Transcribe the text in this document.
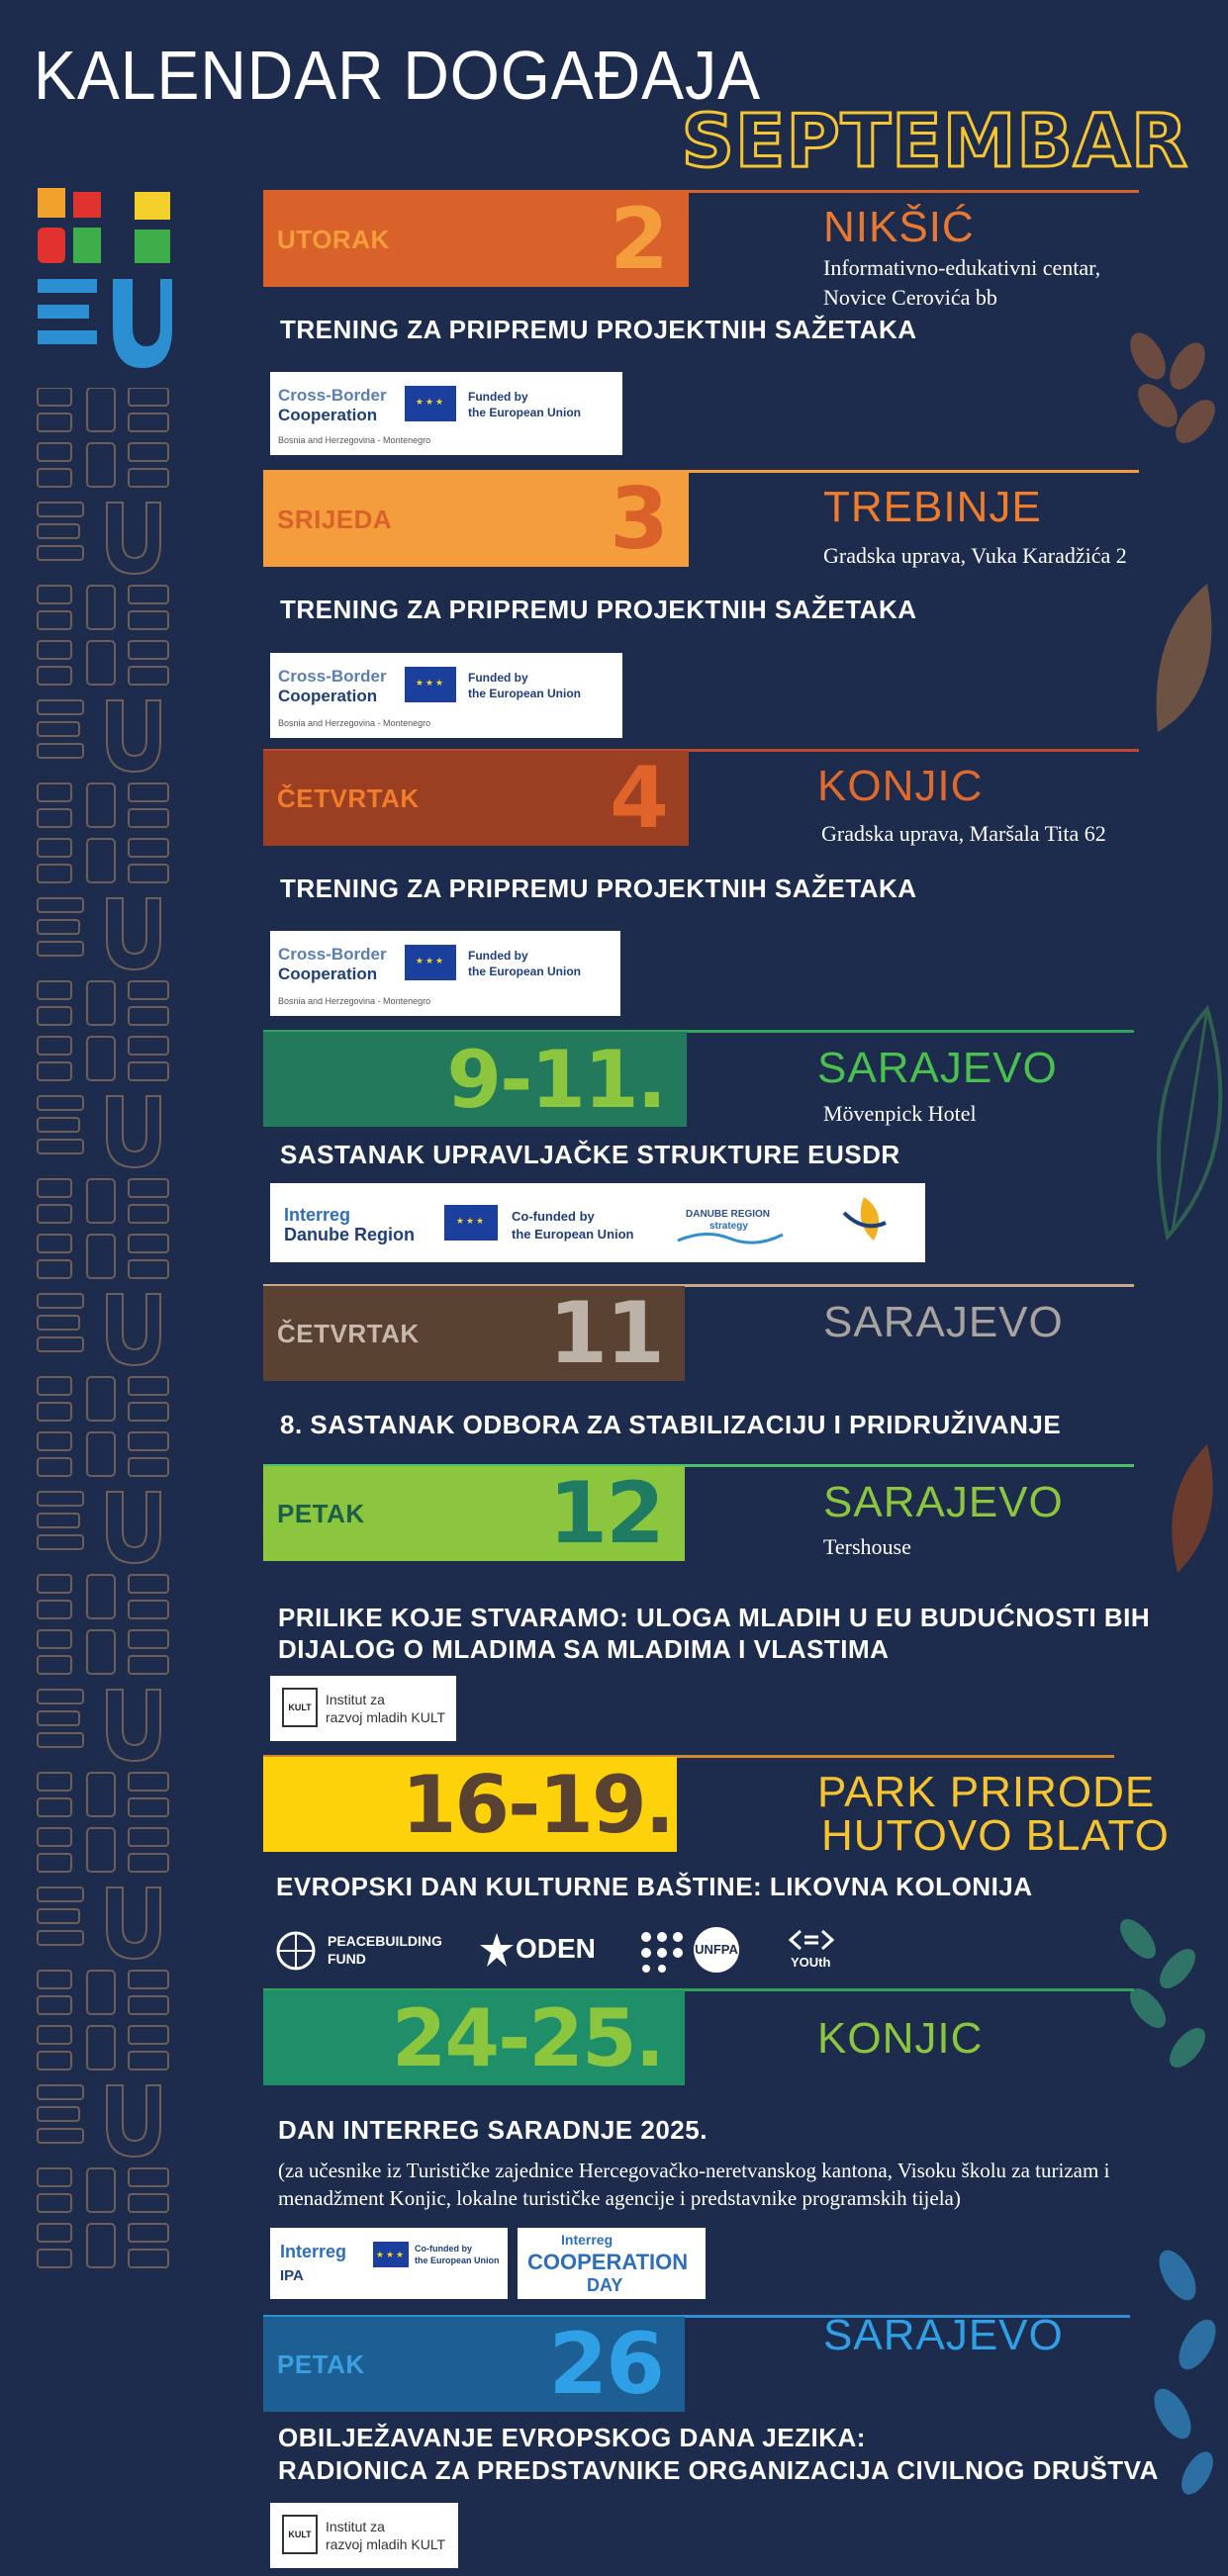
KALENDAR DOGAĐAJA
SEPTEMBAR
UTORAK	2	NIKŠIĆ
Informativno-edukativni centar,
Novice Cerovića bb
TRENING ZA PRIPREMU PROJEKTNIH SAŽETAKA
Cross-Border
Cooperation
★★★
Funded by
the European Union
Bosnia and Herzegovina - Montenegro
SRIJEDA	3	TREBINJE
Gradska uprava, Vuka Karadžića 2
TRENING ZA PRIPREMU PROJEKTNIH SAŽETAKA
Cross-Border
Cooperation
★★★
Funded by
the European Union
Bosnia and Herzegovina - Montenegro
ČETVRTAK 4	KONJIC
Gradska uprava, Maršala Tita 62
TRENING ZA PRIPREMU PROJEKTNIH SAŽETAKA
Cross-Border
Cooperation
★★★
Funded by
the European Union
Bosnia and Herzegovina - Montenegro
9-11.	SARAJEVO
Mövenpick Hotel
SASTANAK UPRAVLJAČKE STRUKTURE EUSDR
Interreg
Danube Region
★★★
Co-funded by
the European Union
DANUBE REGION
strategy
ČETVRTAK 11	SARAJEVO
8. SASTANAK ODBORA ZA STABILIZACIJU I PRIDRUŽIVANJE
PETAK 12	SARAJEVO
Tershouse
PRILIKE KOJE STVARAMO: ULOGA MLADIH U EU BUDUĆNOSTI BIH
DIJALOG O MLADIMA SA MLADIMA I VLASTIMA
KULT	Institut za
razvoj mladih KULT
16-19.	PARK PRIRODE
HUTOVO BLATO
EVROPSKI DAN KULTURNE BAŠTINE: LIKOVNA KOLONIJA
PEACEBUILDING
FUND	ODEN	UNFPA
YOUth
24-25.	KONJIC
DAN INTERREG SARADNJE 2025.
(za učesnike iz Turističke zajednice Hercegovačko-neretvanskog kantona, Visoku školu za turizam i
menadžment Konjic, lokalne turističke agencije i predstavnike programskih tijela)
Interreg
IPA
★★★
Co-funded by
the European Union
Interreg
COOPERATION
DAY
PETAK 26	SARAJEVO
OBILJEŽAVANJE EVROPSKOG DANA JEZIKA:
RADIONICA ZA PREDSTAVNIKE ORGANIZACIJA CIVILNOG DRUŠTVA
KULT	Institut za
razvoj mladih KULT
